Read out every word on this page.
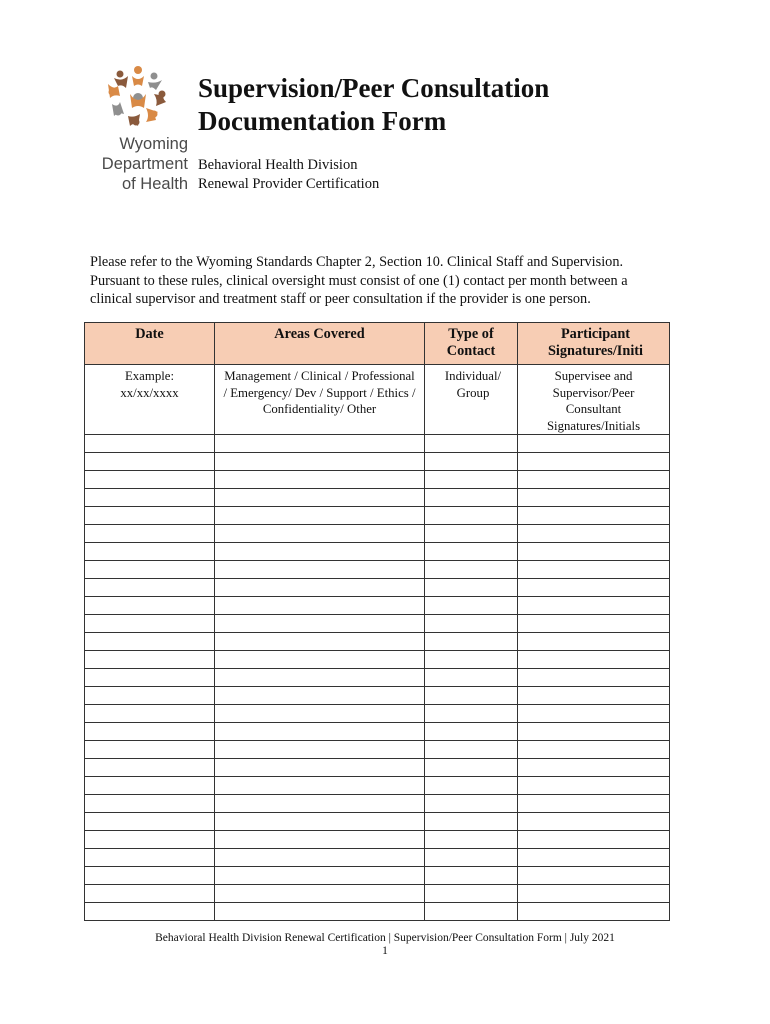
Wyoming
Department
of Health
Supervision/Peer Consultation
Documentation Form
Behavioral Health Division
Renewal Provider Certification
Please refer to the Wyoming Standards Chapter 2, Section 10. Clinical Staff and Supervision. Pursuant to these rules, clinical oversight must consist of one (1) contact per month between a clinical supervisor and treatment staff or peer consultation if the provider is one person.
Date	Areas Covered	Type of Contact	Participant Signatures/Initi
Example: xx/xx/xxxx	Management / Clinical / Professional / Emergency/ Dev / Support / Ethics / Confidentiality/ Other	Individual/ Group	Supervisee and Supervisor/Peer Consultant Signatures/Initials

Behavioral Health Division Renewal Certification | Supervision/Peer Consultation Form | July 2021
1
